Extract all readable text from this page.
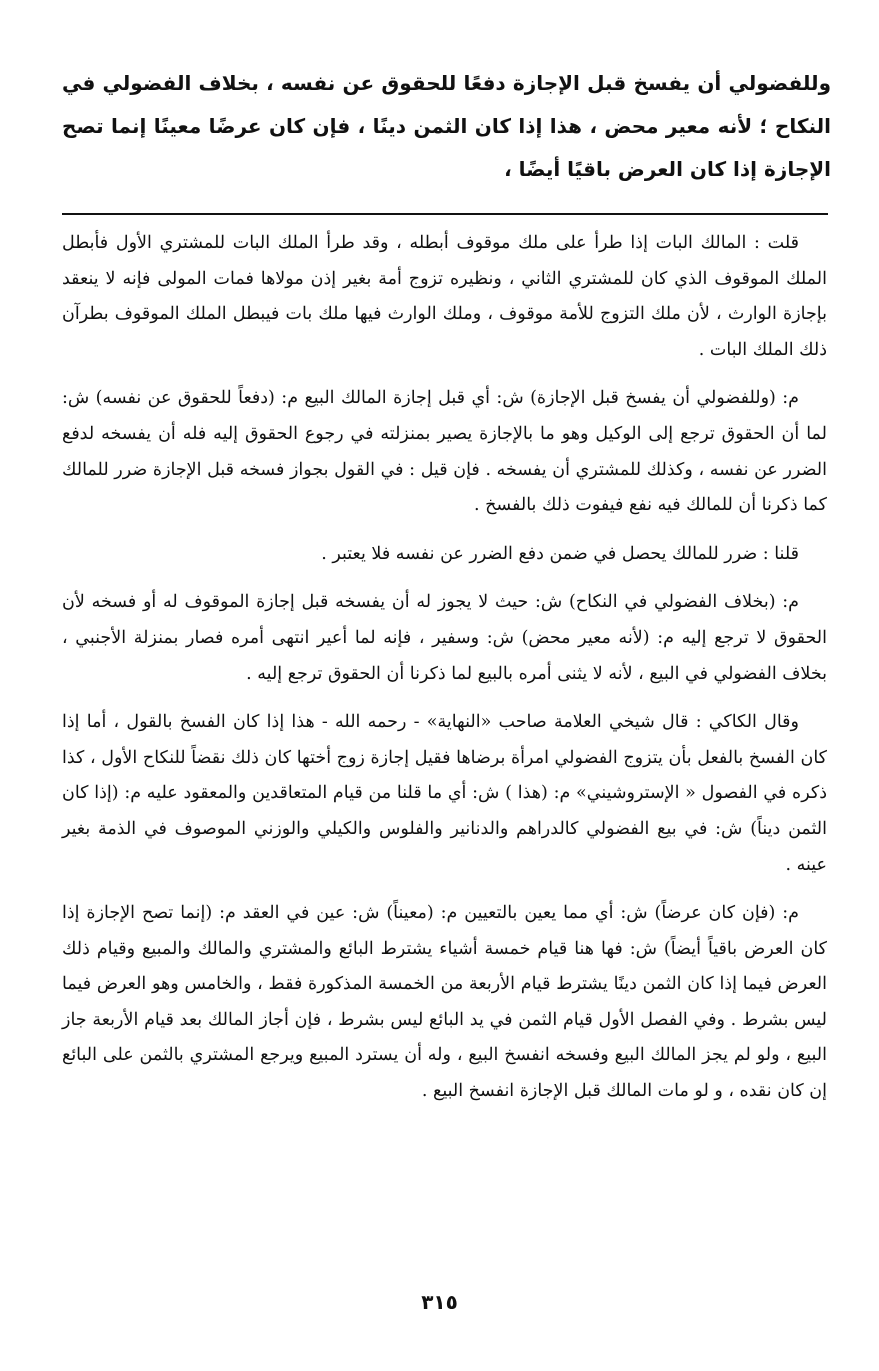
وللفضولي أن يفسخ قبل الإجازة دفعًا للحقوق عن نفسه ، بخلاف الفضولي في النكاح ؛ لأنه معير محض ، هذا إذا كان الثمن دينًا ، فإن كان عرضًا معينًا إنما تصح الإجازة إذا كان العرض باقيًا أيضًا ،

قلت : المالك البات إذا طرأ على ملك موقوف أبطله ، وقد طرأ الملك البات للمشتري الأول فأبطل الملك الموقوف الذي كان للمشتري الثاني ، ونظيره تزوج أمة بغير إذن مولاها فمات المولى فإنه لا ينعقد بإجازة الوارث ، لأن ملك التزوج للأمة موقوف ، وملك الوارث فيها ملك بات فيبطل الملك الموقوف بطرآن ذلك الملك البات .

م: (وللفضولي أن يفسخ قبل الإجازة) ش: أي قبل إجازة المالك البيع م: (دفعاً للحقوق عن نفسه) ش: لما أن الحقوق ترجع إلى الوكيل وهو ما بالإجازة يصير بمنزلته في رجوع الحقوق إليه فله أن يفسخه لدفع الضرر عن نفسه ، وكذلك للمشتري أن يفسخه . فإن قيل : في القول بجواز فسخه قبل الإجازة ضرر للمالك كما ذكرنا أن للمالك فيه نفع فيفوت ذلك بالفسخ .

قلنا : ضرر للمالك يحصل في ضمن دفع الضرر عن نفسه فلا يعتبر .

م: (بخلاف الفضولي في النكاح) ش: حيث لا يجوز له أن يفسخه قبل إجازة الموقوف له أو فسخه لأن الحقوق لا ترجع إليه م: (لأنه معير محض) ش: وسفير ، فإنه لما أعير انتهى أمره فصار بمنزلة الأجنبي ، بخلاف الفضولي في البيع ، لأنه لا يثنى أمره بالبيع لما ذكرنا أن الحقوق ترجع إليه .

وقال الكاكي : قال شيخي العلامة صاحب «النهاية» - رحمه الله - هذا إذا كان الفسخ بالقول ، أما إذا كان الفسخ بالفعل بأن يتزوج الفضولي امرأة برضاها فقيل إجازة زوج أختها كان ذلك نقضاً للنكاح الأول ، كذا ذكره في الفصول « الإستروشيني» م: (هذا ) ش: أي ما قلنا من قيام المتعاقدين والمعقود عليه م: (إذا كان الثمن ديناً) ش: في بيع الفضولي كالدراهم والدنانير والفلوس والكيلي والوزني الموصوف في الذمة بغير عينه .

م: (فإن كان عرضاً) ش: أي مما يعين بالتعيين م: (معيناً) ش: عين في العقد م: (إنما تصح الإجازة إذا كان العرض باقياً أيضاً) ش: فها هنا قيام خمسة أشياء يشترط البائع والمشتري والمالك والمبيع وقيام ذلك العرض فيما إذا كان الثمن دينًا يشترط قيام الأربعة من الخمسة المذكورة فقط ، والخامس وهو العرض فيما ليس بشرط . وفي الفصل الأول قيام الثمن في يد البائع ليس بشرط ، فإن أجاز المالك بعد قيام الأربعة جاز البيع ، ولو لم يجز المالك البيع وفسخه انفسخ البيع ، وله أن يسترد المبيع ويرجع المشتري بالثمن على البائع إن كان نقده ، و لو مات المالك قبل الإجازة انفسخ البيع .

٣١٥
